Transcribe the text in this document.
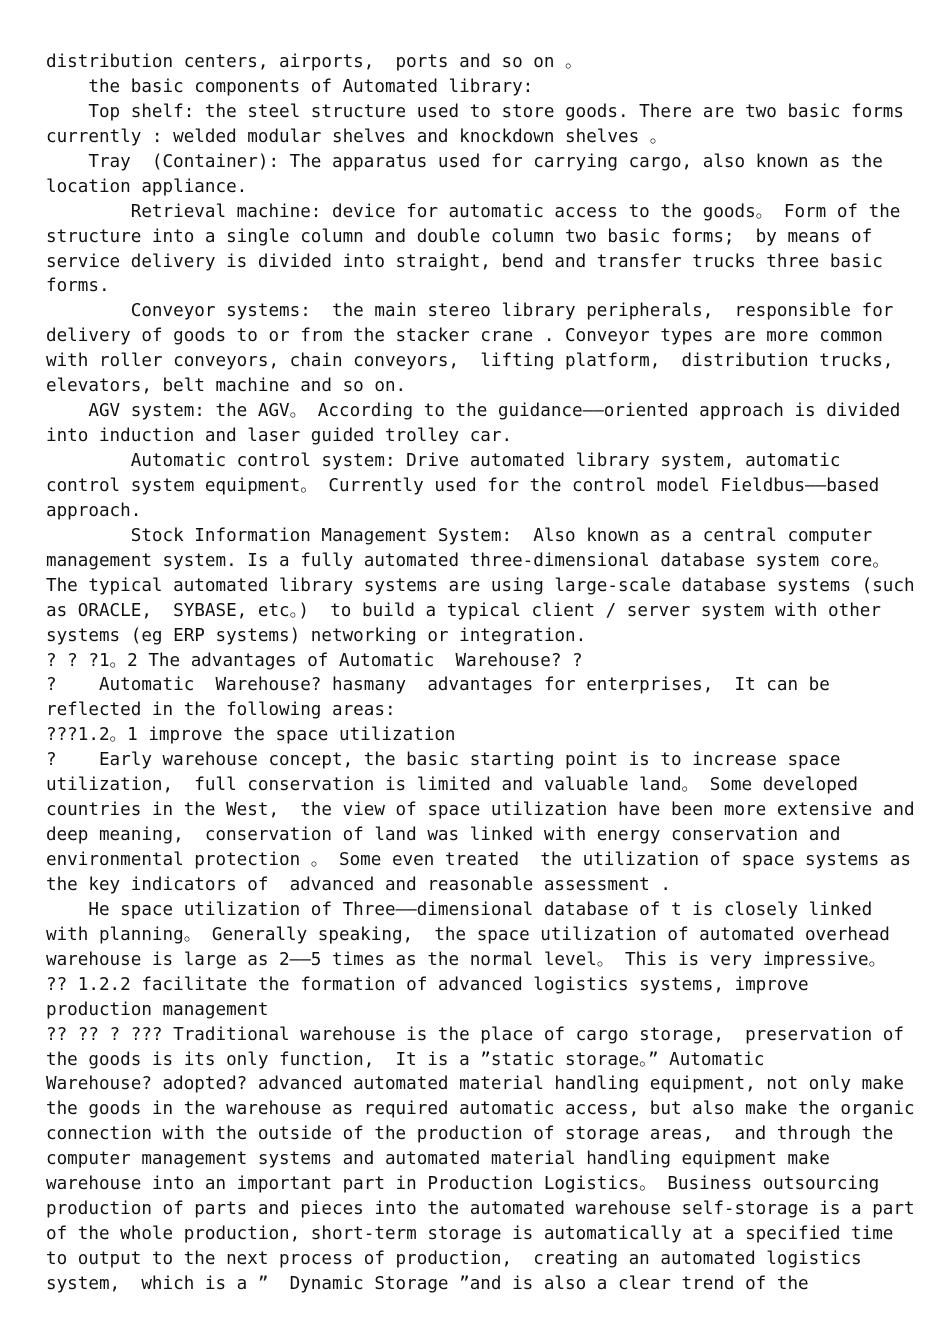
distribution centers, airports,  ports and so on 。
the basic components of Automated library:
Top shelf: the steel structure used to store goods. There are two basic forms
currently : welded modular shelves and knockdown shelves 。
Tray  (Container): The apparatus used for carrying cargo, also known as the
location appliance.
Retrieval machine: device for automatic access to the goods。 Form of the
structure into a single column and double column two basic forms;  by means of
service delivery is divided into straight, bend and transfer trucks three basic
forms.
Conveyor systems:  the main stereo library peripherals,  responsible for
delivery of goods to or from the stacker crane . Conveyor types are more common
with roller conveyors, chain conveyors,  lifting platform,  distribution trucks,
elevators, belt machine and so on.
AGV system: the AGV。 According to the guidance——oriented approach is divided
into induction and laser guided trolley car.
Automatic control system: Drive automated library system, automatic
control system equipment。 Currently used for the control model Fieldbus——based
approach.
Stock Information Management System:  Also known as a central computer
management system. Is a fully automated three-dimensional database system core。
The typical automated library systems are using large-scale database systems (such
as ORACLE,  SYBASE, etc。)  to build a typical client / server system with other
systems (eg ERP systems) networking or integration.
? ? ?1。2 The advantages of Automatic  Warehouse? ?
?    Automatic  Warehouse? hasmany  advantages for enterprises,  It can be
reflected in the following areas:
???1.2。1 improve the space utilization
?    Early warehouse concept, the basic starting point is to increase space
utilization,  full conservation is limited and valuable land。 Some developed
countries in the West,  the view of space utilization have been more extensive and
deep meaning,  conservation of land was linked with energy conservation and
environmental protection 。 Some even treated  the utilization of space systems as
the key indicators of  advanced and reasonable assessment .
He space utilization of Three——dimensional database of t is closely linked
with planning。 Generally speaking,  the space utilization of automated overhead
warehouse is large as 2——5 times as the normal level。 This is very impressive。
?? 1.2.2 facilitate the formation of advanced logistics systems, improve
production management
?? ?? ? ??? Traditional warehouse is the place of cargo storage,  preservation of
the goods is its only function,  It is a ”static storage。” Automatic
Warehouse? adopted? advanced automated material handling equipment, not only make
the goods in the warehouse as required automatic access, but also make the organic
connection with the outside of the production of storage areas,  and through the
computer management systems and automated material handling equipment make
warehouse into an important part in Production Logistics。 Business outsourcing
production of parts and pieces into the automated warehouse self-storage is a part
of the whole production, short-term storage is automatically at a specified time
to output to the next process of production,  creating an automated logistics
system,  which is a ”  Dynamic Storage ”and is also a clear trend of the
